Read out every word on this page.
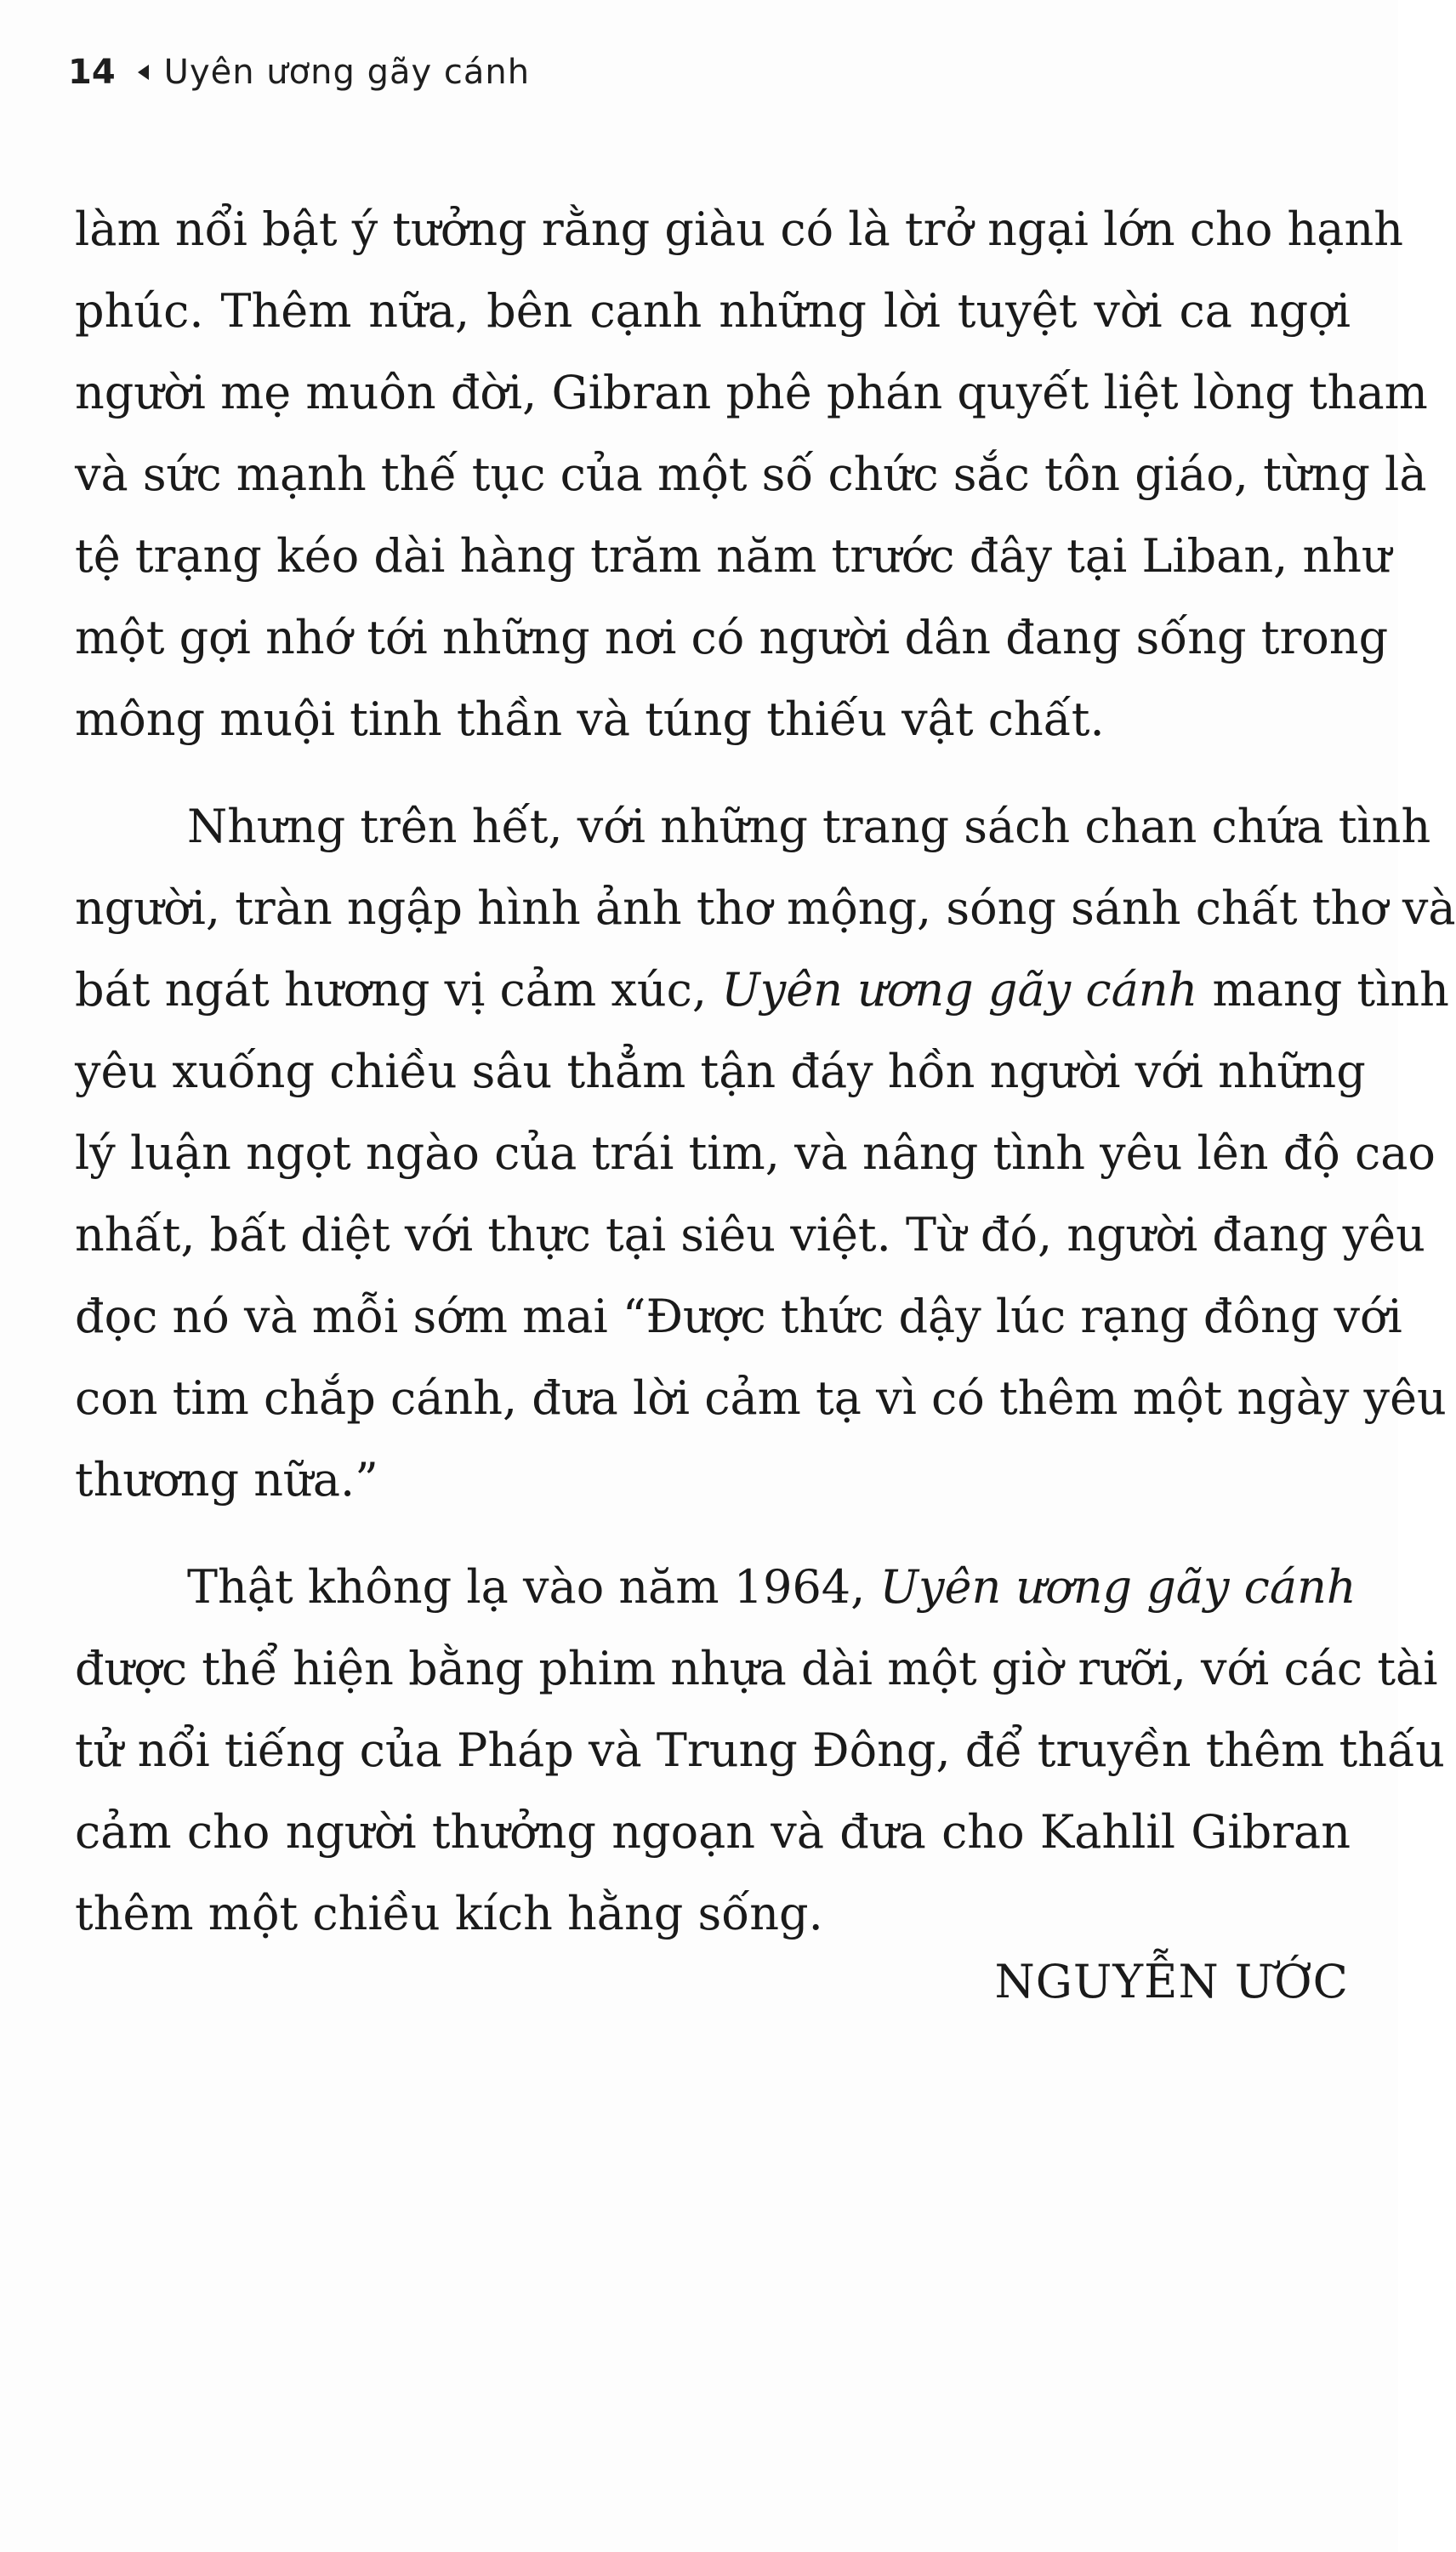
14 Uyên ương gãy cánh
làm nổi bật ý tưởng rằng giàu có là trở ngại lớn cho hạnh
phúc. Thêm nữa, bên cạnh những lời tuyệt vời ca ngợi
người mẹ muôn đời, Gibran phê phán quyết liệt lòng tham
và sức mạnh thế tục của một số chức sắc tôn giáo, từng là
tệ trạng kéo dài hàng trăm năm trước đây tại Liban, như
một gợi nhớ tới những nơi có người dân đang sống trong
mông muội tinh thần và túng thiếu vật chất.
Nhưng trên hết, với những trang sách chan chứa tình
người, tràn ngập hình ảnh thơ mộng, sóng sánh chất thơ và
bát ngát hương vị cảm xúc, Uyên ương gãy cánh mang tình
yêu xuống chiều sâu thẳm tận đáy hồn người với những
lý luận ngọt ngào của trái tim, và nâng tình yêu lên độ cao
nhất, bất diệt với thực tại siêu việt. Từ đó, người đang yêu
đọc nó và mỗi sớm mai “Được thức dậy lúc rạng đông với
con tim chắp cánh, đưa lời cảm tạ vì có thêm một ngày yêu
thương nữa.”
Thật không lạ vào năm 1964, Uyên ương gãy cánh
được thể hiện bằng phim nhựa dài một giờ rưỡi, với các tài
tử nổi tiếng của Pháp và Trung Đông, để truyền thêm thấu
cảm cho người thưởng ngoạn và đưa cho Kahlil Gibran
thêm một chiều kích hằng sống.
NGUYỄN ƯỚC
